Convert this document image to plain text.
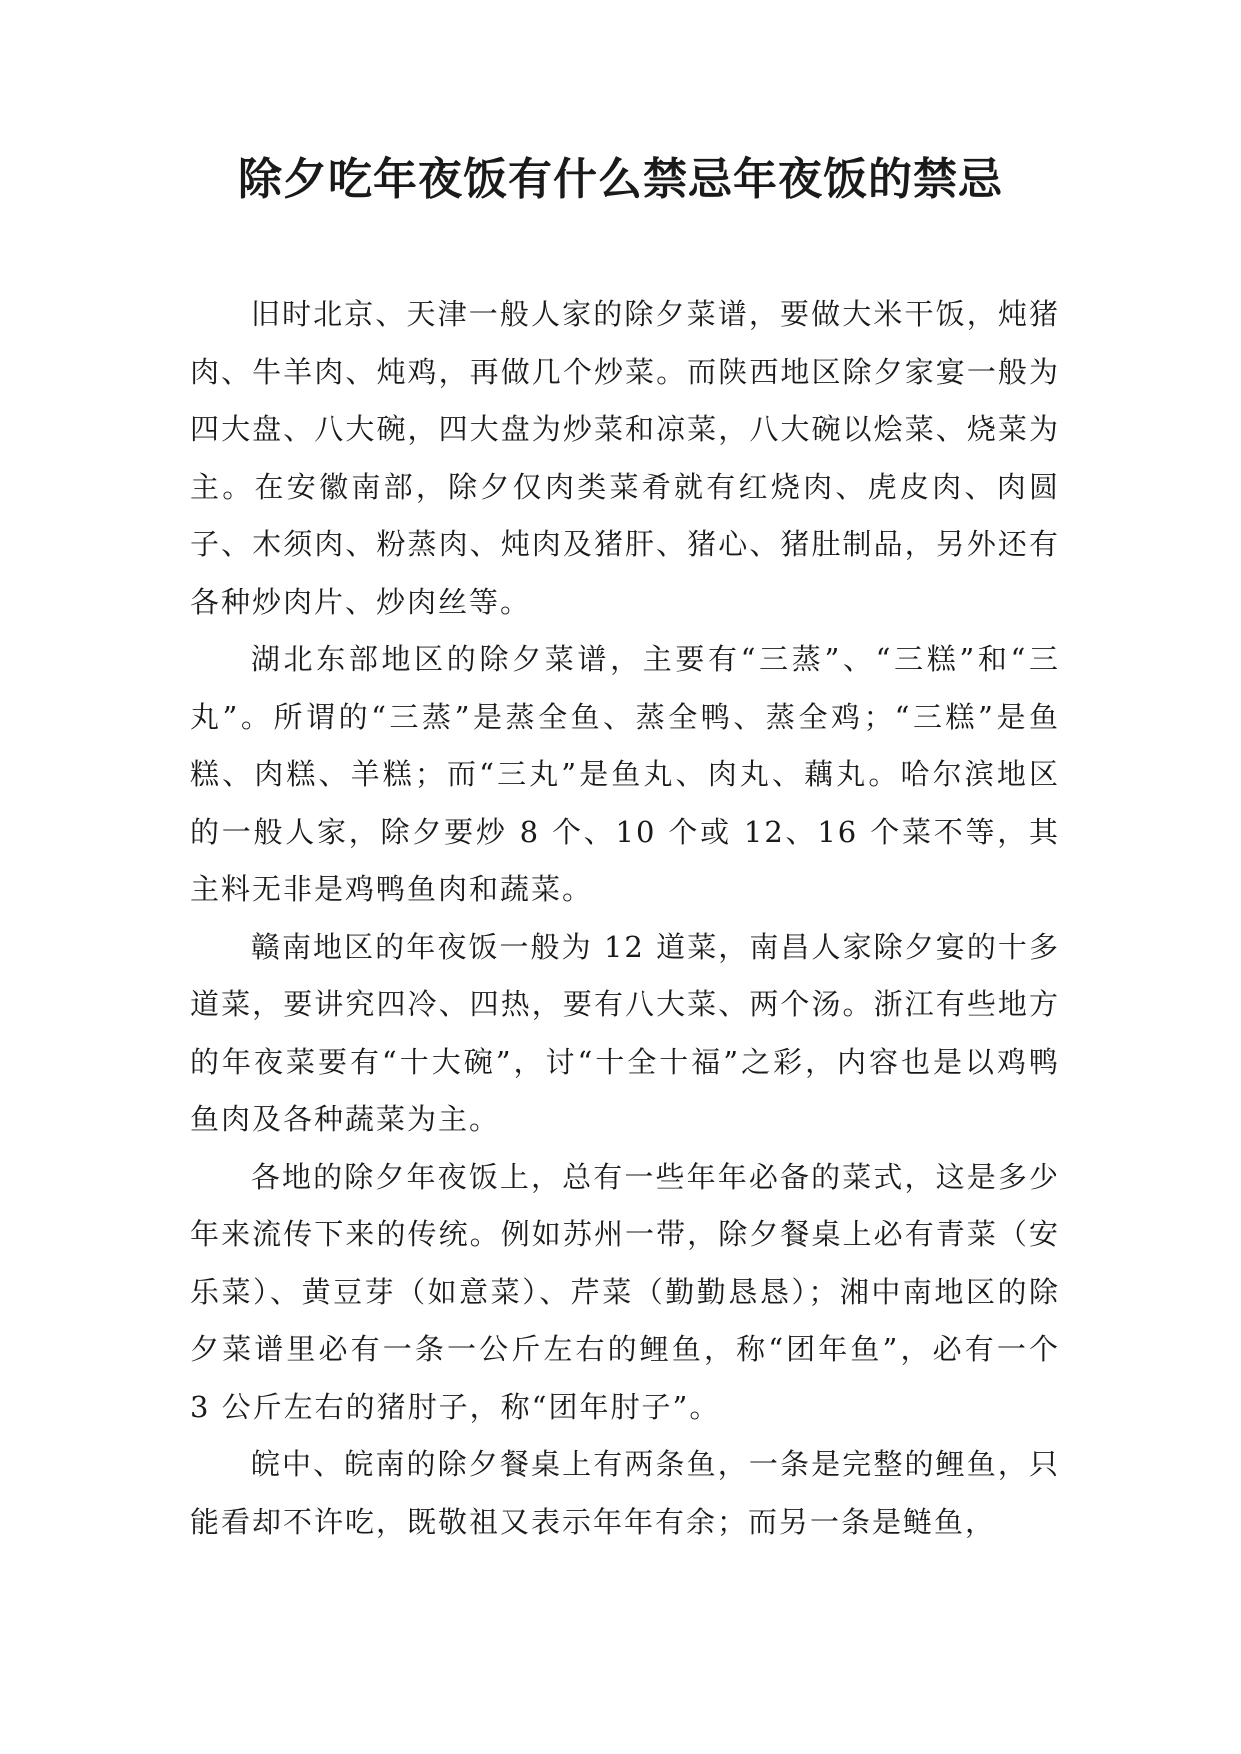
除夕吃年夜饭有什么禁忌年夜饭的禁忌

旧时北京、天津一般人家的除夕菜谱，要做大米干饭，炖猪肉、牛羊肉、炖鸡，再做几个炒菜。而陕西地区除夕家宴一般为四大盘、八大碗，四大盘为炒菜和凉菜，八大碗以烩菜、烧菜为主。在安徽南部，除夕仅肉类菜肴就有红烧肉、虎皮肉、肉圆子、木须肉、粉蒸肉、炖肉及猪肝、猪心、猪肚制品，另外还有各种炒肉片、炒肉丝等。

湖北东部地区的除夕菜谱，主要有“三蒸”、“三糕”和“三丸”。所谓的“三蒸”是蒸全鱼、蒸全鸭、蒸全鸡；“三糕”是鱼糕、肉糕、羊糕；而“三丸”是鱼丸、肉丸、藕丸。哈尔滨地区的一般人家，除夕要炒 8 个、10 个或 12、16 个菜不等，其主料无非是鸡鸭鱼肉和蔬菜。

赣南地区的年夜饭一般为 12 道菜，南昌人家除夕宴的十多道菜，要讲究四冷、四热，要有八大菜、两个汤。浙江有些地方的年夜菜要有“十大碗”，讨“十全十福”之彩，内容也是以鸡鸭鱼肉及各种蔬菜为主。

各地的除夕年夜饭上，总有一些年年必备的菜式，这是多少年来流传下来的传统。例如苏州一带，除夕餐桌上必有青菜（安乐菜）、黄豆芽（如意菜）、芹菜（勤勤恳恳）；湘中南地区的除夕菜谱里必有一条一公斤左右的鲤鱼，称“团年鱼”，必有一个 3 公斤左右的猪肘子，称“团年肘子”。

皖中、皖南的除夕餐桌上有两条鱼，一条是完整的鲤鱼，只能看却不许吃，既敬祖又表示年年有余；而另一条是鲢鱼，
